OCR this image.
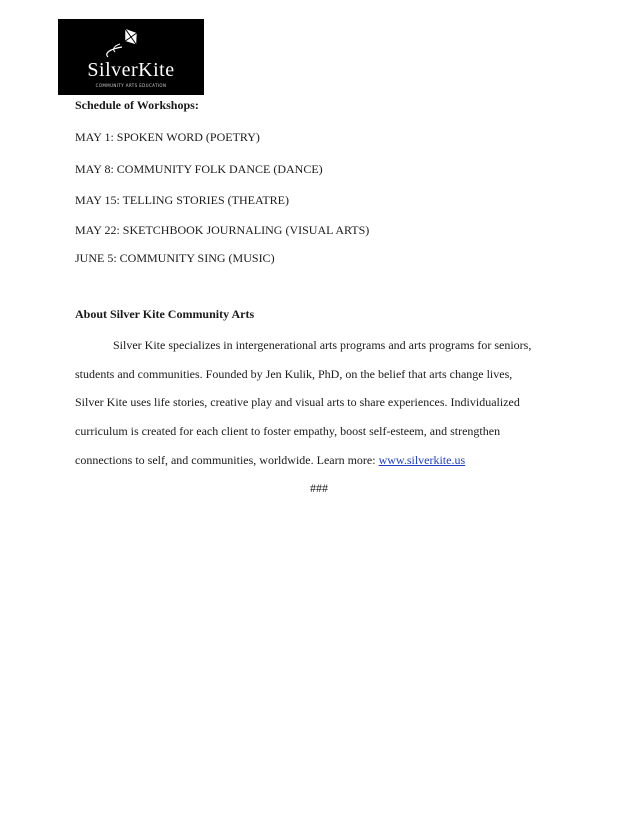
SilverKite
COMMUNITY ARTS EDUCATION
Schedule of Workshops:
MAY 1: SPOKEN WORD (POETRY)
MAY 8: COMMUNITY FOLK DANCE (DANCE)
MAY 15: TELLING STORIES (THEATRE)
MAY 22: SKETCHBOOK JOURNALING (VISUAL ARTS)
JUNE 5: COMMUNITY SING (MUSIC)
About Silver Kite Community Arts
Silver Kite specializes in intergenerational arts programs and arts programs for seniors,
students and communities. Founded by Jen Kulik, PhD, on the belief that arts change lives,
Silver Kite uses life stories, creative play and visual arts to share experiences. Individualized
curriculum is created for each client to foster empathy, boost self-esteem, and strengthen
connections to self, and communities, worldwide. Learn more: www.silverkite.us
###
